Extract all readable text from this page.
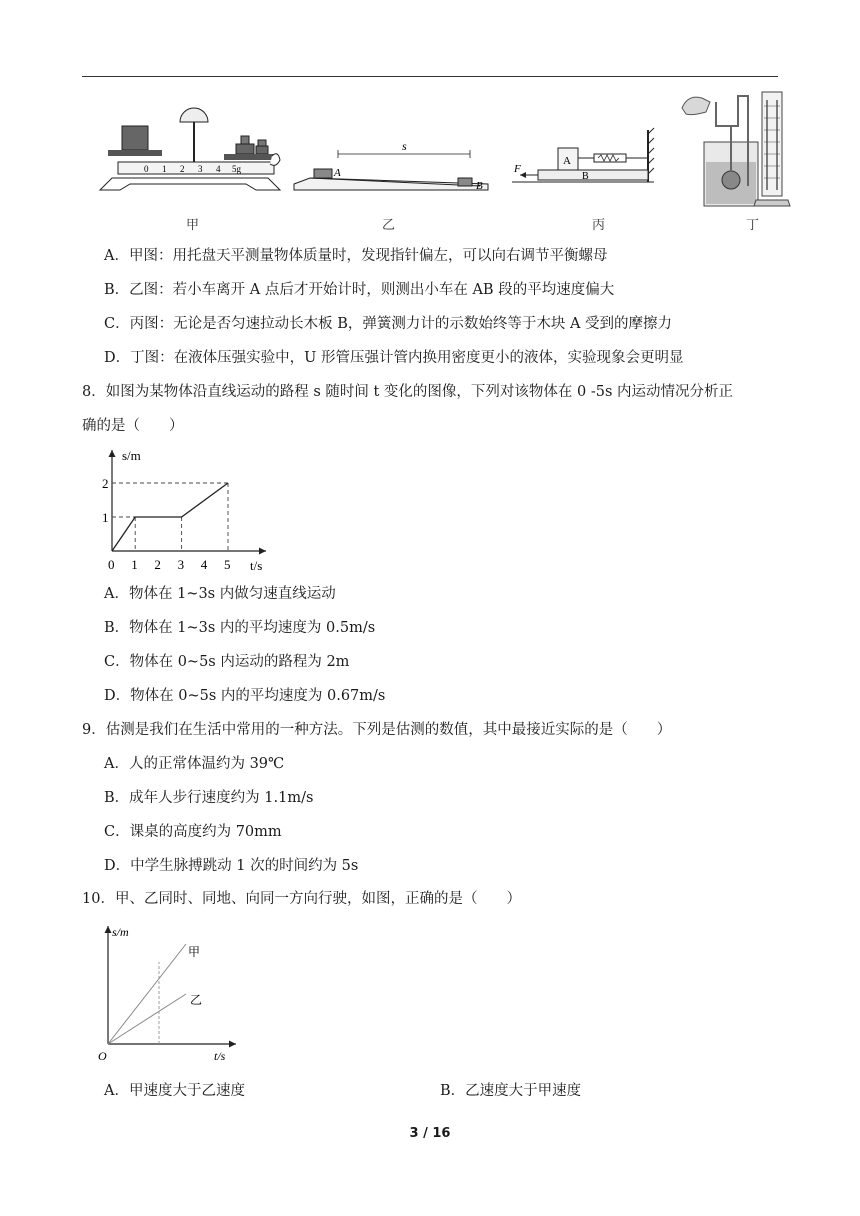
0 1 2 3 4 5g
甲
s
A
B
乙
A
B
F
丙	丁
A．甲图：用托盘天平测量物体质量时，发现指针偏左，可以向右调节平衡螺母
B．乙图：若小车离开 A 点后才开始计时，则测出小车在 AB 段的平均速度偏大
C．丙图：无论是否匀速拉动长木板 B，弹簧测力计的示数始终等于木块 A 受到的摩擦力
D．丁图：在液体压强实验中，U 形管压强计管内换用密度更小的液体，实验现象会更明显
8．如图为某物体沿直线运动的路程 s 随时间 t 变化的图像，下列对该物体在 0 -5s 内运动情况分析正
确的是（　　）
s/m
t/s
0 1 2 3 4 5
1
2
A．物体在 1~3s 内做匀速直线运动
B．物体在 1~3s 内的平均速度为 0.5m/s
C．物体在 0~5s 内运动的路程为 2m
D．物体在 0~5s 内的平均速度为 0.67m/s
9．估测是我们在生活中常用的一种方法。下列是估测的数值，其中最接近实际的是（　　）
A．人的正常体温约为 39℃
B．成年人步行速度约为 1.1m/s
C．课桌的高度约为 70mm
D．中学生脉搏跳动 1 次的时间约为 5s
10．甲、乙同时、同地、向同一方向行驶，如图，正确的是（　　）
s/m
t/s
O
甲
乙
A．甲速度大于乙速度	B．乙速度大于甲速度
3 / 16
